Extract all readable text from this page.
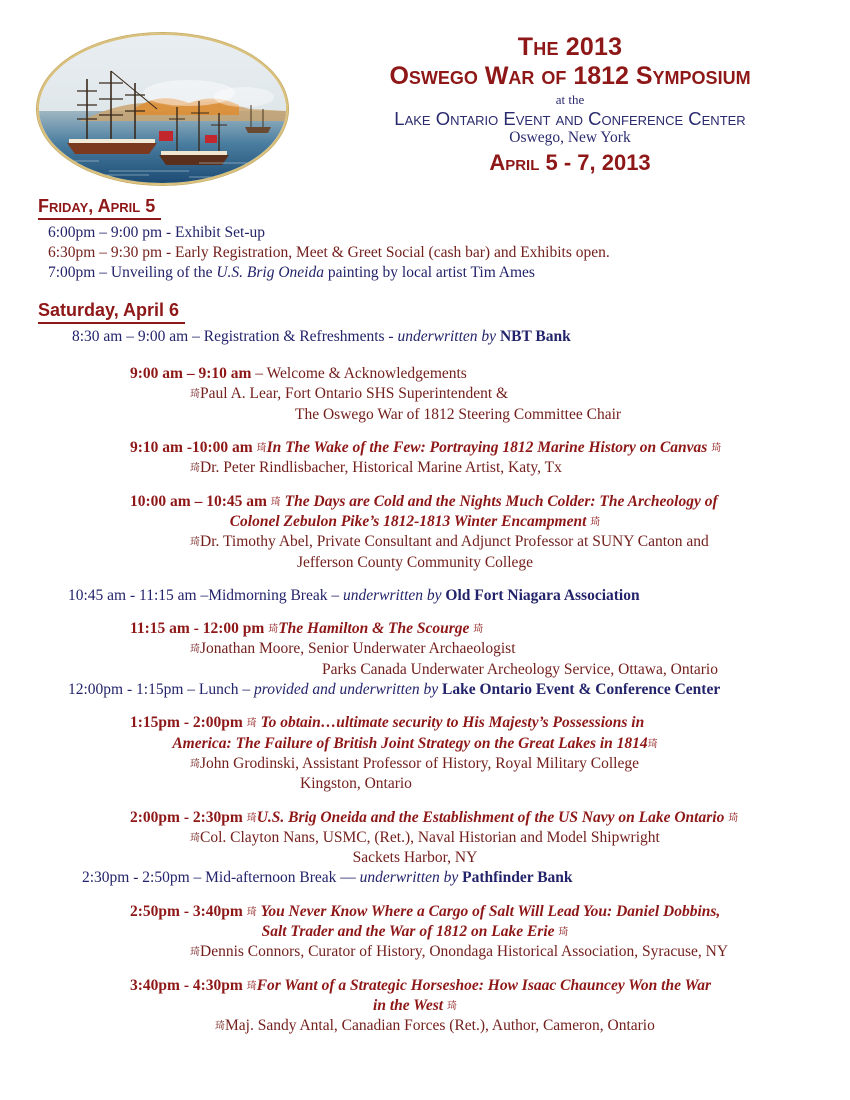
The 2013
Oswego War of 1812 Symposium
at the
Lake Ontario Event and Conference Center
Oswego, New York
April 5 - 7, 2013
Friday, April 5
6:00pm – 9:00 pm - Exhibit Set-up
6:30pm – 9:30 pm - Early Registration, Meet & Greet Social (cash bar) and Exhibits open.
7:00pm – Unveiling of the U.S. Brig Oneida painting by local artist Tim Ames
Saturday, April 6
8:30 am – 9:00 am – Registration & Refreshments - underwritten by NBT Bank
9:00 am – 9:10 am – Welcome & Acknowledgements
琦Paul A. Lear, Fort Ontario SHS Superintendent &
The Oswego War of 1812 Steering Committee Chair
9:10 am -10:00 am 琦In The Wake of the Few: Portraying 1812 Marine History on Canvas 琦
琦Dr. Peter Rindlisbacher, Historical Marine Artist, Katy, Tx
10:00 am – 10:45 am 琦 The Days are Cold and the Nights Much Colder: The Archeology of
Colonel Zebulon Pike’s 1812-1813 Winter Encampment 琦
琦Dr. Timothy Abel, Private Consultant and Adjunct Professor at SUNY Canton and
Jefferson County Community College
10:45 am - 11:15 am –Midmorning Break – underwritten by Old Fort Niagara Association
11:15 am - 12:00 pm 琦The Hamilton & The Scourge 琦
琦Jonathan Moore, Senior Underwater Archaeologist
Parks Canada Underwater Archeology Service, Ottawa, Ontario
12:00pm - 1:15pm – Lunch – provided and underwritten by Lake Ontario Event & Conference Center
1:15pm - 2:00pm 琦 To obtain…ultimate security to His Majesty’s Possessions in
America: The Failure of British Joint Strategy on the Great Lakes in 1814琦
琦John Grodinski, Assistant Professor of History, Royal Military College
Kingston, Ontario
2:00pm - 2:30pm 琦U.S. Brig Oneida and the Establishment of the US Navy on Lake Ontario 琦
琦Col. Clayton Nans, USMC, (Ret.), Naval Historian and Model Shipwright
Sackets Harbor, NY
2:30pm - 2:50pm – Mid-afternoon Break — underwritten by Pathfinder Bank
2:50pm - 3:40pm 琦 You Never Know Where a Cargo of Salt Will Lead You: Daniel Dobbins,
Salt Trader and the War of 1812 on Lake Erie 琦
琦Dennis Connors, Curator of History, Onondaga Historical Association, Syracuse, NY
3:40pm - 4:30pm 琦For Want of a Strategic Horseshoe: How Isaac Chauncey Won the War
in the West 琦
琦Maj. Sandy Antal, Canadian Forces (Ret.), Author, Cameron, Ontario
